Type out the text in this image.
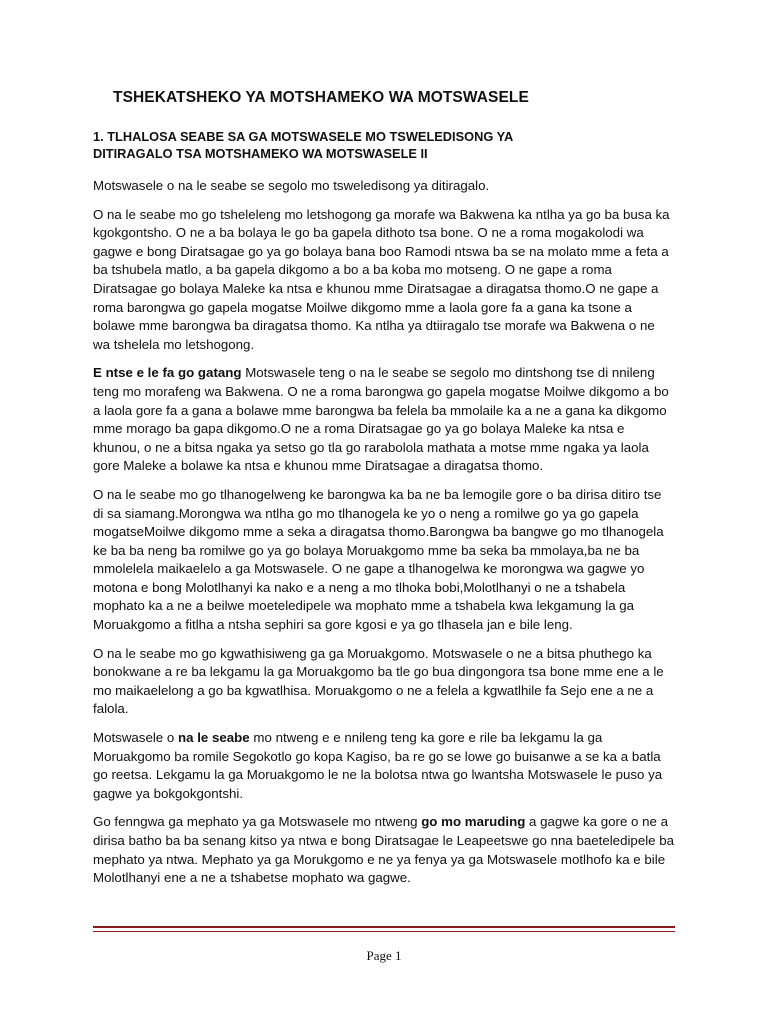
TSHEKATSHEKO YA MOTSHAMEKO WA MOTSWASELE
1. TLHALOSA SEABE SA GA MOTSWASELE MO TSWELEDISONG YA
DITIRAGALO TSA MOTSHAMEKO WA MOTSWASELE II

Motswasele o na le seabe se segolo mo tsweledisong ya ditiragalo.

O na le seabe mo go tsheleleng mo letshogong ga morafe wa Bakwena ka ntlha ya go ba busa ka kgokgontsho. O ne a ba bolaya le go ba gapela dithoto tsa bone. O ne a roma mogakolodi wa gagwe e bong Diratsagae go ya go bolaya bana boo Ramodi ntswa ba se na molato mme a feta a ba tshubela matlo, a ba gapela dikgomo a bo a ba koba mo motseng. O ne gape a roma Diratsagae go bolaya Maleke ka ntsa e khunou mme Diratsagae a diragatsa thomo.O ne gape a roma barongwa go gapela mogatse Moilwe dikgomo mme a laola gore fa a gana ka tsone a bolawe mme barongwa ba diragatsa thomo. Ka ntlha ya dtiiragalo tse morafe wa Bakwena o ne wa tshelela mo letshogong.

E ntse e le fa go gatang Motswasele teng o na le seabe se segolo mo dintshong tse di nnileng teng mo morafeng wa Bakwena. O ne a roma barongwa go gapela mogatse Moilwe dikgomo a bo a laola gore fa a gana a bolawe mme barongwa ba felela ba mmolaile ka a ne a gana ka dikgomo mme morago ba gapa dikgomo.O ne a roma Diratsagae go ya go bolaya Maleke ka ntsa e khunou, o ne a bitsa ngaka ya setso go tla go rarabolola mathata a motse mme ngaka ya laola gore Maleke a bolawe ka ntsa e khunou mme Diratsagae a diragatsa thomo.

O na le seabe mo go tlhanogelweng ke barongwa ka ba ne ba lemogile gore o ba dirisa ditiro tse di sa siamang.Morongwa wa ntlha go mo tlhanogela ke yo o neng a romilwe go ya go gapela mogatseMoilwe dikgomo mme a seka a diragatsa thomo.Barongwa ba bangwe go mo tlhanogela ke ba ba neng ba romilwe go ya go bolaya Moruakgomo mme ba seka ba mmolaya,ba ne ba mmolelela maikaelelo a ga Motswasele. O ne gape a tlhanogelwa ke morongwa wa gagwe yo motona e bong Molotlhanyi ka nako e a neng a mo tlhoka bobi,Molotlhanyi o ne a tshabela mophato ka a ne a beilwe moeteledipele wa mophato mme a tshabela kwa lekgamung la ga Moruakgomo a fitlha a ntsha sephiri sa gore kgosi e ya go tlhasela jan e bile leng.

O na le seabe mo go kgwathisiweng ga ga Moruakgomo. Motswasele o ne a bitsa phuthego ka bonokwane a re ba lekgamu la ga Moruakgomo ba tle go bua dingongora tsa bone mme ene a le mo maikaelelong a go ba kgwatlhisa. Moruakgomo o ne a felela a kgwatlhile fa Sejo ene a ne a falola.

Motswasele o na le seabe mo ntweng e e nnileng teng ka gore e rile ba lekgamu la ga Moruakgomo ba romile Segokotlo go kopa Kagiso, ba re go se lowe go buisanwe a se ka a batla go reetsa. Lekgamu la ga Moruakgomo le ne la bolotsa ntwa go lwantsha Motswasele le puso ya gagwe ya bokgokgontshi.

Go fenngwa ga mephato ya ga Motswasele mo ntweng go mo maruding a gagwe ka gore o ne a dirisa batho ba ba senang kitso ya ntwa e bong Diratsagae le Leapeetswe go nna baeteledipele ba mephato ya ntwa. Mephato ya ga Morukgomo e ne ya fenya ya ga Motswasele motlhofo ka e bile Molotlhanyi ene a ne a tshabetse mophato wa gagwe.

Page 1
